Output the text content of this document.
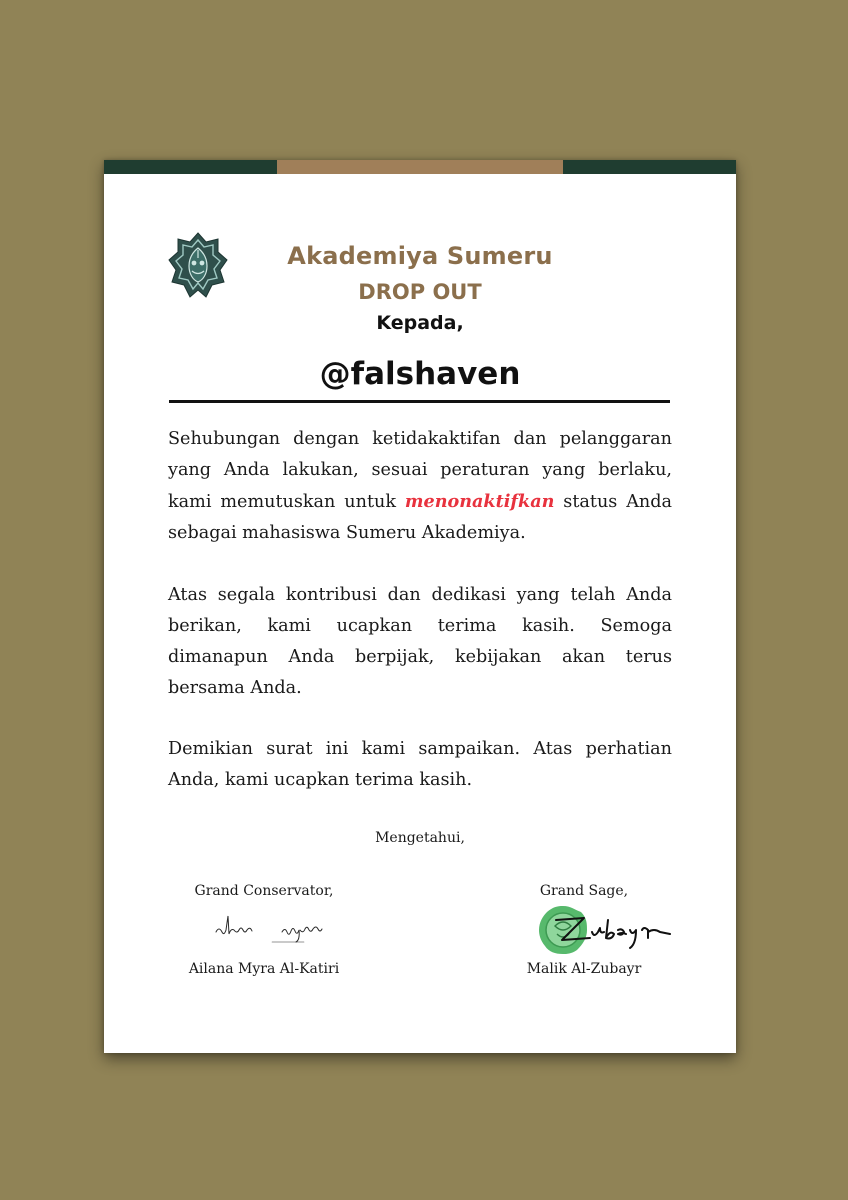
Akademiya Sumeru
DROP OUT
Kepada,
@falshaven

Sehubungan dengan ketidakaktifan dan pelanggaran yang Anda lakukan, sesuai peraturan yang berlaku, kami memutuskan untuk menonaktifkan status Anda sebagai mahasiswa Sumeru Akademiya.

Atas segala kontribusi dan dedikasi yang telah Anda berikan, kami ucapkan terima kasih. Semoga dimanapun Anda berpijak, kebijakan akan terus bersama Anda.

Demikian surat ini kami sampaikan. Atas perhatian Anda, kami ucapkan terima kasih.

Mengetahui,
Grand Conservator,
Ailana Myra Al-Katiri
Grand Sage,
Malik Al-Zubayr
